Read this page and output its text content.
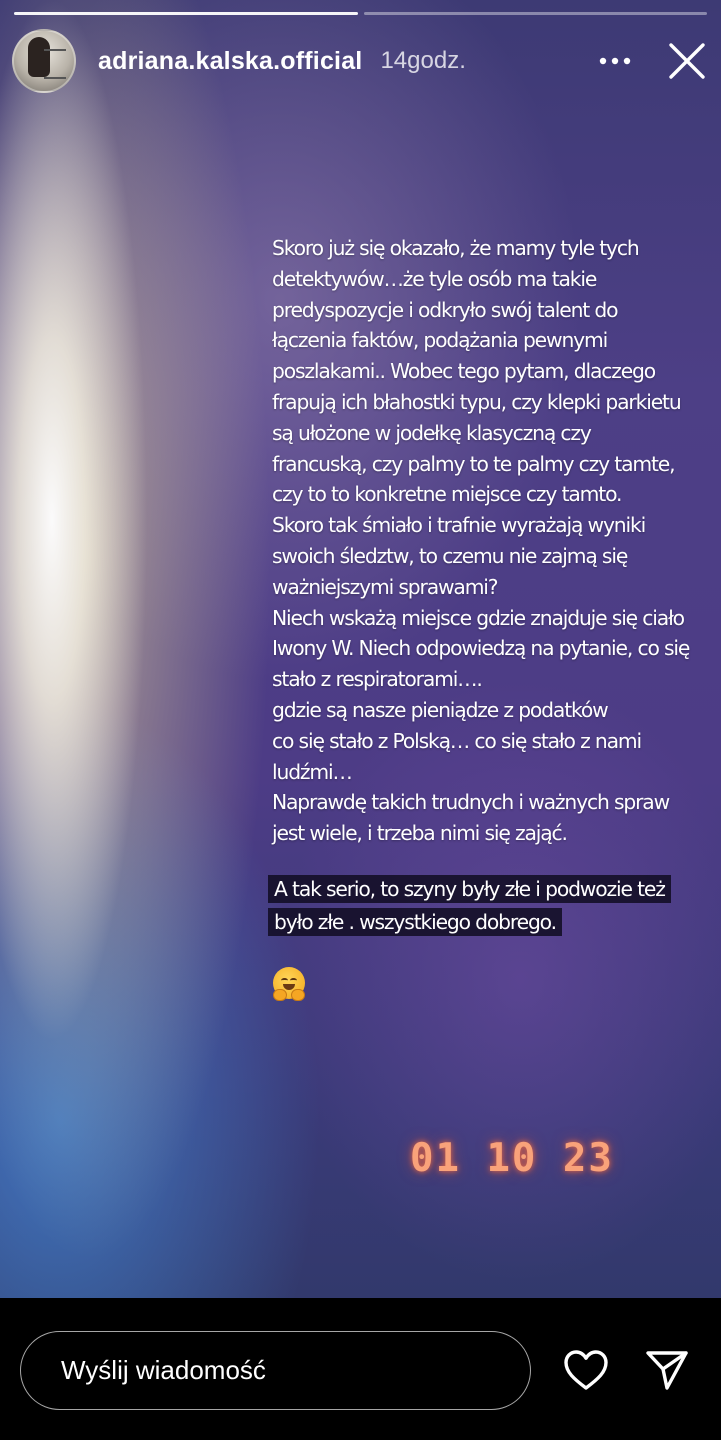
adriana.kalska.official 14godz.

Skoro już się okazało, że mamy tyle tych
detektywów…że tyle osób ma takie
predyspozycje i odkryło swój talent do
łączenia faktów, podążania pewnymi
poszlakami.. Wobec tego pytam, dlaczego
frapują ich błahostki typu, czy klepki parkietu
są ułożone w jodełkę klasyczną czy
francuską, czy palmy to te palmy czy tamte,
czy to to konkretne miejsce czy tamto.
Skoro tak śmiało i trafnie wyrażają wyniki
swoich śledztw, to czemu nie zajmą się
ważniejszymi sprawami?
Niech wskażą miejsce gdzie znajduje się ciało
Iwony W. Niech odpowiedzą na pytanie, co się
stało z respiratorami….
gdzie są nasze pieniądze z podatków
co się stało z Polską… co się stało z nami
ludźmi…
Naprawdę takich trudnych i ważnych spraw
jest wiele, i trzeba nimi się zająć.

A tak serio, to szyny były złe i podwozie też
było złe . wszystkiego dobrego.

01 10 23
Wyślij wiadomość
